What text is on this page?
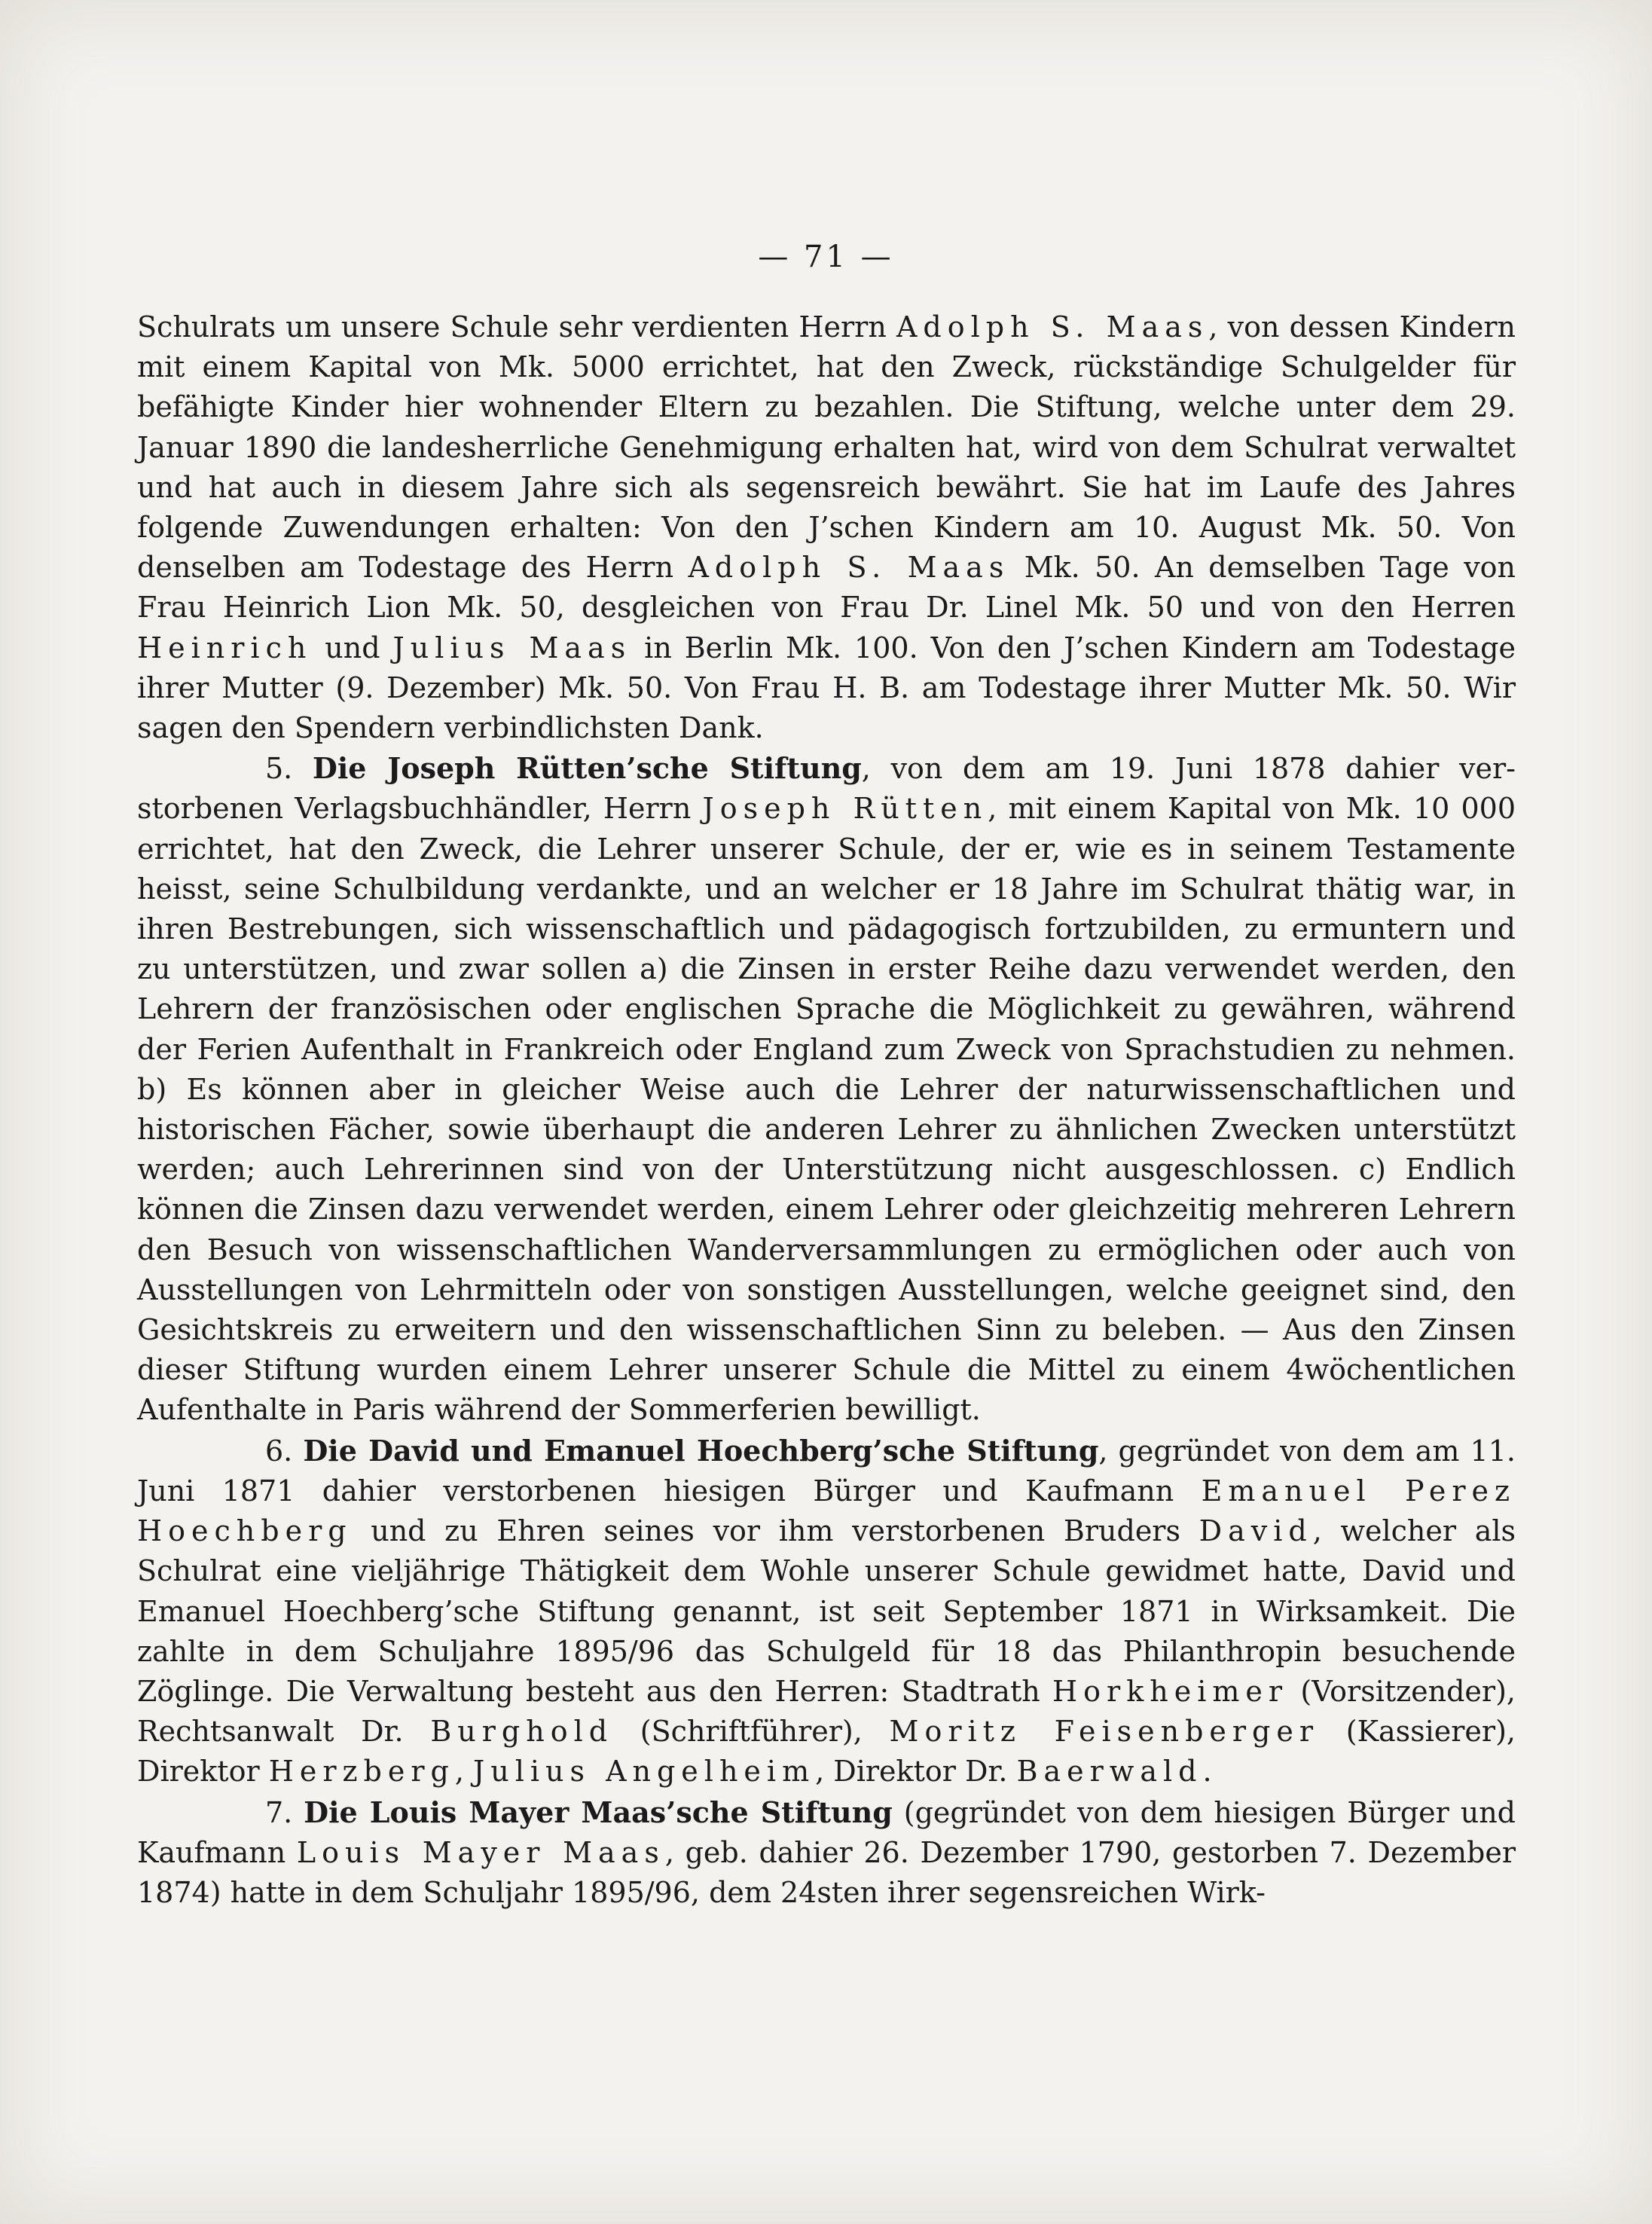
— 71 —

Schulrats um unsere Schule sehr verdienten Herrn Adolph S. Maas, von dessen Kindern mit einem Kapital von Mk. 5000 errichtet, hat den Zweck, rückständige Schulgelder für befähigte Kinder hier wohnender Eltern zu bezahlen. Die Stiftung, welche unter dem 29. Januar 1890 die landesherrliche Genehmigung erhalten hat, wird von dem Schulrat verwaltet und hat auch in diesem Jahre sich als segensreich bewährt. Sie hat im Laufe des Jahres folgende Zuwendungen erhalten: Von den J’schen Kindern am 10. August Mk. 50. Von denselben am Todestage des Herrn Adolph S. Maas Mk. 50. An demselben Tage von Frau Heinrich Lion Mk. 50, desgleichen von Frau Dr. Linel Mk. 50 und von den Herren Heinrich und Julius Maas in Berlin Mk. 100. Von den J’schen Kindern am Todestage ihrer Mutter (9. Dezember) Mk. 50. Von Frau H. B. am Todestage ihrer Mutter Mk. 50. Wir sagen den Spendern verbindlichsten Dank.

5. Die Joseph Rütten’sche Stiftung, von dem am 19. Juni 1878 dahier verstorbenen Verlagsbuchhändler, Herrn Joseph Rütten, mit einem Kapital von Mk. 10 000 errichtet, hat den Zweck, die Lehrer unserer Schule, der er, wie es in seinem Testamente heisst, seine Schulbildung verdankte, und an welcher er 18 Jahre im Schulrat thätig war, in ihren Bestrebungen, sich wissenschaftlich und pädagogisch fortzubilden, zu ermuntern und zu unterstützen, und zwar sollen a) die Zinsen in erster Reihe dazu verwendet werden, den Lehrern der französischen oder englischen Sprache die Möglichkeit zu gewähren, während der Ferien Aufenthalt in Frankreich oder England zum Zweck von Sprachstudien zu nehmen. b) Es können aber in gleicher Weise auch die Lehrer der naturwissenschaftlichen und historischen Fächer, sowie überhaupt die anderen Lehrer zu ähnlichen Zwecken unterstützt werden; auch Lehrerinnen sind von der Unterstützung nicht ausgeschlossen. c) Endlich können die Zinsen dazu verwendet werden, einem Lehrer oder gleichzeitig mehreren Lehrern den Besuch von wissenschaftlichen Wanderversammlungen zu ermöglichen oder auch von Ausstellungen von Lehrmitteln oder von sonstigen Ausstellungen, welche geeignet sind, den Gesichtskreis zu erweitern und den wissenschaftlichen Sinn zu beleben. — Aus den Zinsen dieser Stiftung wurden einem Lehrer unserer Schule die Mittel zu einem 4wöchentlichen Aufenthalte in Paris während der Sommerferien bewilligt.

6. Die David und Emanuel Hoechberg’sche Stiftung, gegründet von dem am 11. Juni 1871 dahier verstorbenen hiesigen Bürger und Kaufmann Emanuel Perez Hoechberg und zu Ehren seines vor ihm verstorbenen Bruders David, welcher als Schulrat eine vieljährige Thätigkeit dem Wohle unserer Schule gewidmet hatte, David und Emanuel Hoechberg’sche Stiftung genannt, ist seit September 1871 in Wirksamkeit. Die zahlte in dem Schuljahre 1895/96 das Schulgeld für 18 das Philanthropin besuchende Zöglinge. Die Verwaltung besteht aus den Herren: Stadtrath Horkheimer (Vorsitzender), Rechtsanwalt Dr. Burghold (Schriftführer), Moritz Feisenberger (Kassierer), Direktor Herzberg, Julius Angelheim, Direktor Dr. Baerwald.

7. Die Louis Mayer Maas’sche Stiftung (gegründet von dem hiesigen Bürger und Kaufmann Louis Mayer Maas, geb. dahier 26. Dezember 1790, gestorben 7. Dezember 1874) hatte in dem Schuljahr 1895/96, dem 24sten ihrer segensreichen Wirk-
